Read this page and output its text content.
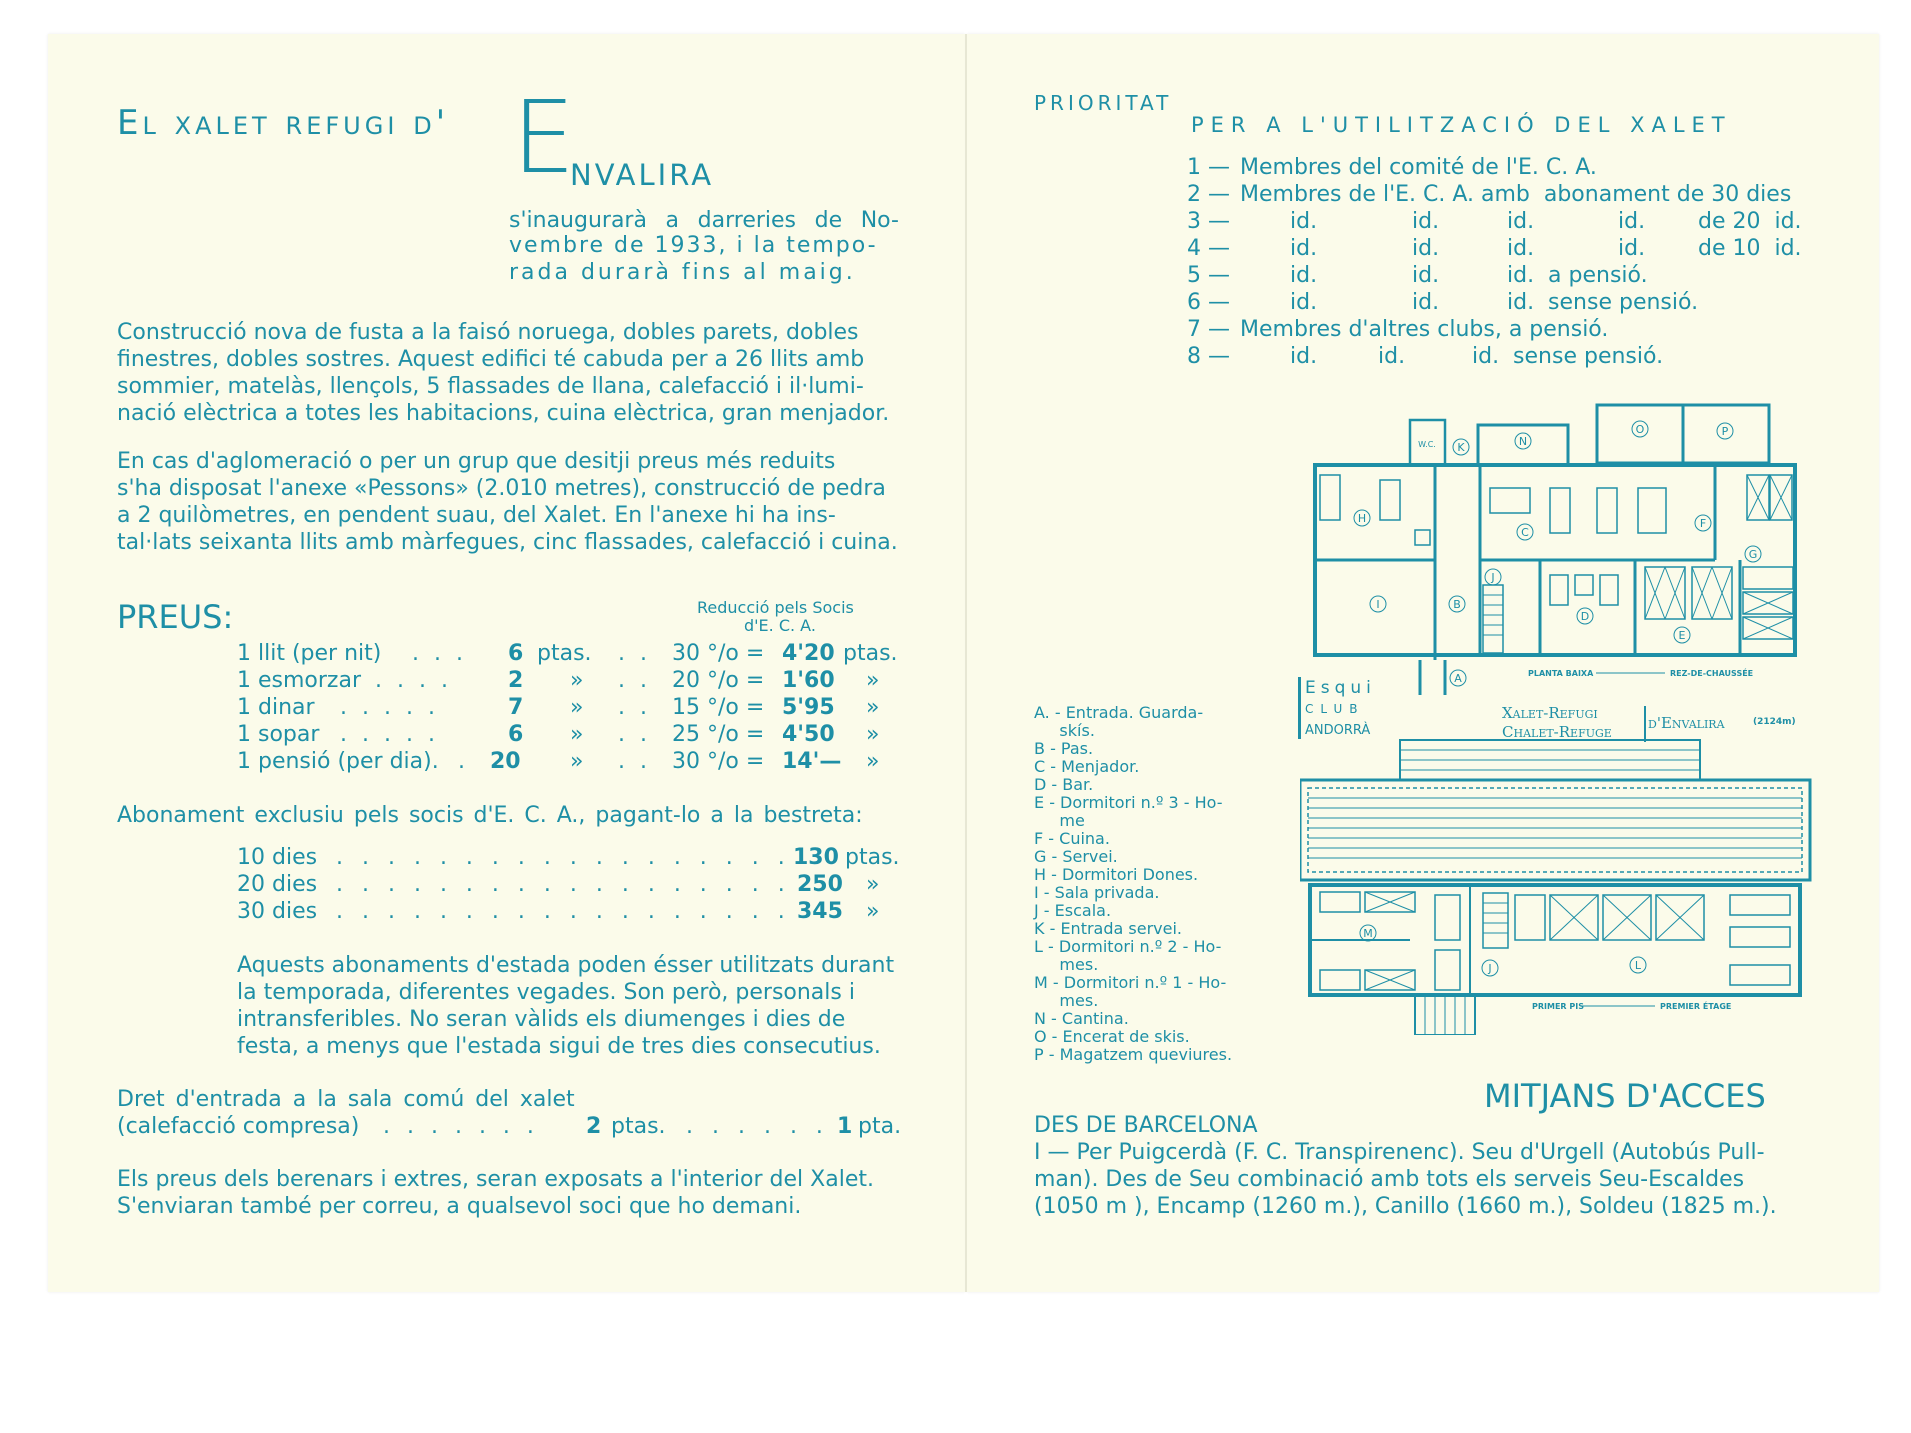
El xalet refugi d' E
NVALIRA
s'inaugurarà a darreries de No-
vembre de 1933, i la tempo-
rada durarà fins al maig.
Construcció nova de fusta a la faisó noruega, dobles parets, dobles
finestres, dobles sostres. Aquest edifici té cabuda per a 26 llits amb
sommier, matelàs, llençols, 5 flassades de llana, calefacció i il·lumi-
nació elèctrica a totes les habitacions, cuina elèctrica, gran menjador.
En cas d'aglomeració o per un grup que desitji preus més reduits
s'ha disposat l'anexe «Pessons» (2.010 metres), construcció de pedra
a 2 quilòmetres, en pendent suau, del Xalet. En l'anexe hi ha ins-
tal·lats seixanta llits amb màrfegues, cinc flassades, calefacció i cuina.
PREUS:	Reducció pels Socis
d'E. C. A.
1 llit (per nit) . . . 6 ptas. . . 30 °/o = 4'20 ptas.
1 esmorzar . . . .	2 » . . 20 °/o = 1'60 »
1 dinar . . . . .	7 » . . 15 °/o = 5'95 »
1 sopar . . . . .	6 » . . 25 °/o = 4'50 »
1 pensió (per dia). . 20 » . . 30 °/o = 14'— »
Abonament exclusiu pels socis d'E. C. A., pagant-lo a la bestreta:
10 dies . . . . . . . . . . . . . . . . . . 130 ptas.
20 dies . . . . . . . . . . . . . . . . . . 250 »
30 dies . . . . . . . . . . . . . . . . . . 345 »
Aquests abonaments d'estada poden ésser utilitzats durant
la temporada, diferentes vegades. Son però, personals i
intransferibles. No seran vàlids els diumenges i dies de
festa, a menys que l'estada sigui de tres dies consecutius.
Dret d'entrada a la sala comú del xalet
(calefacció compresa) . . . . . . . 2 ptas. . . . . . . 1 pta.
Els preus dels berenars i extres, seran exposats a l'interior del Xalet.
S'enviaran també per correu, a qualsevol soci que ho demani.
PRIORITAT
PER A L'UTILITZACIÓ DEL XALET
1 — Membres del comité de l'E. C. A.
2 — Membres de l'E. C. A. amb  abonament de 30 dies
3 —	id.	id.	id.	id. de 20  id.
4 —	id.	id.	id.	id. de 10  id.
5 —	id.	id.	id.  a pensió.
6 —	id.	id.	id.  sense pensió.
7 — Membres d'altres clubs, a pensió.
8 —	id.	id.	id.  sense pensió.
W.C. K	N
O	P
H
C
F
G
J
D
I	B
A
E
PLANTA BAIXA	REZ-DE-CHAUSSÉE
M
L
J
PRIMER PIS	PREMIER ÉTAGE
Esqui
CLUB
ANDORRÀ
Xalet-Refugi
Chalet-Refuge d'Envalira	(2124m)
A. - Entrada. Guarda-
skís.
B - Pas.
C - Menjador.
D - Bar.
E - Dormitori n.º 3 - Ho-
me
F - Cuina.
G - Servei.
H - Dormitori Dones.
I - Sala privada.
J - Escala.
K - Entrada servei.
L - Dormitori n.º 2 - Ho-
mes.
M - Dormitori n.º 1 - Ho-
mes.
N - Cantina.
O - Encerat de skis.
P - Magatzem queviures.
MITJANS D'ACCES
DES DE BARCELONA
I — Per Puigcerdà (F. C. Transpirenenc). Seu d'Urgell (Autobús Pull-
man). Des de Seu combinació amb tots els serveis Seu-Escaldes
(1050 m ), Encamp (1260 m.), Canillo (1660 m.), Soldeu (1825 m.).
